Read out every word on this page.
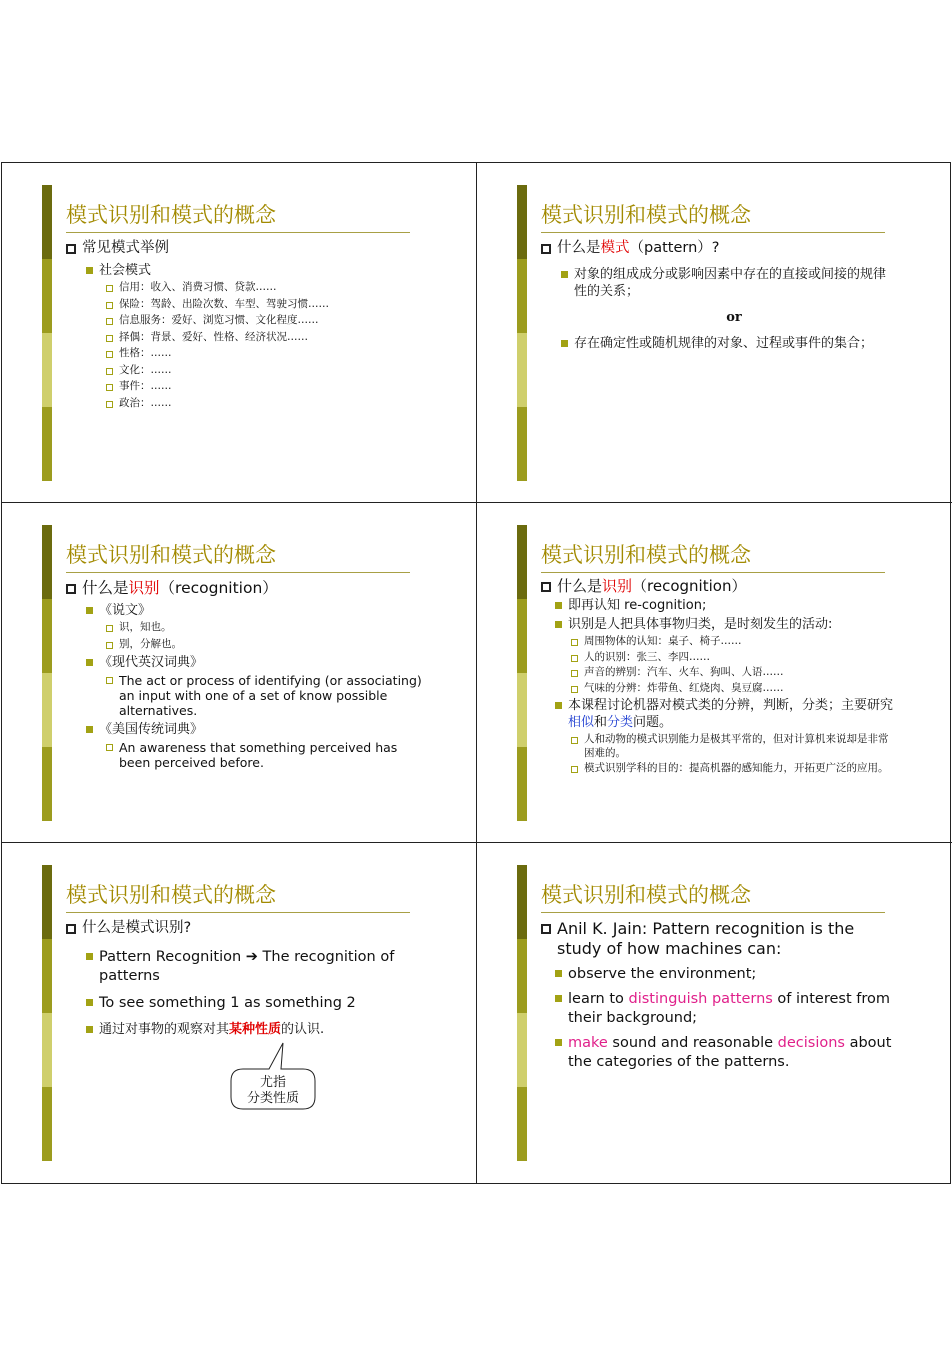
模式识别和模式的概念
常见模式举例
社会模式
信用：收入、消费习惯、贷款……
保险：驾龄、出险次数、车型、驾驶习惯……
信息服务：爱好、浏览习惯、文化程度……
择偶：背景、爱好、性格、经济状况……
性格：……
文化：……
事件：……
政治：……
模式识别和模式的概念
什么是模式（pattern）?
对象的组成成分或影响因素中存在的直接或间接的规律性的关系；
or
存在确定性或随机规律的对象、过程或事件的集合；
模式识别和模式的概念
什么是识别（recognition）
《说文》
识，知也。
别，分解也。
《现代英汉词典》
The act or process of identifying (or associating) an input with one of a set of know possible alternatives.
《美国传统词典》
An awareness that something perceived has been perceived before.
模式识别和模式的概念
什么是识别（recognition）
即再认知 re-cognition;
识别是人把具体事物归类，是时刻发生的活动:
周围物体的认知：桌子、椅子……
人的识别：张三、李四……
声音的辨别：汽车、火车、狗叫、人语……
气味的分辨：炸带鱼、红烧肉、臭豆腐……
本课程讨论机器对模式类的分辨，判断，分类；主要研究相似和分类问题。
人和动物的模式识别能力是极其平常的，但对计算机来说却是非常困难的。
模式识别学科的目的：提高机器的感知能力，开拓更广泛的应用。
模式识别和模式的概念
什么是模式识别?
Pattern Recognition ➔ The recognition of patterns
To see something 1 as something 2
通过对事物的观察对其某种性质的认识.
尤指
分类性质
模式识别和模式的概念
Anil K. Jain: Pattern recognition is the study of how machines can:
observe the environment;
learn to distinguish patterns of interest from their background;
make sound and reasonable decisions about the categories of the patterns.
